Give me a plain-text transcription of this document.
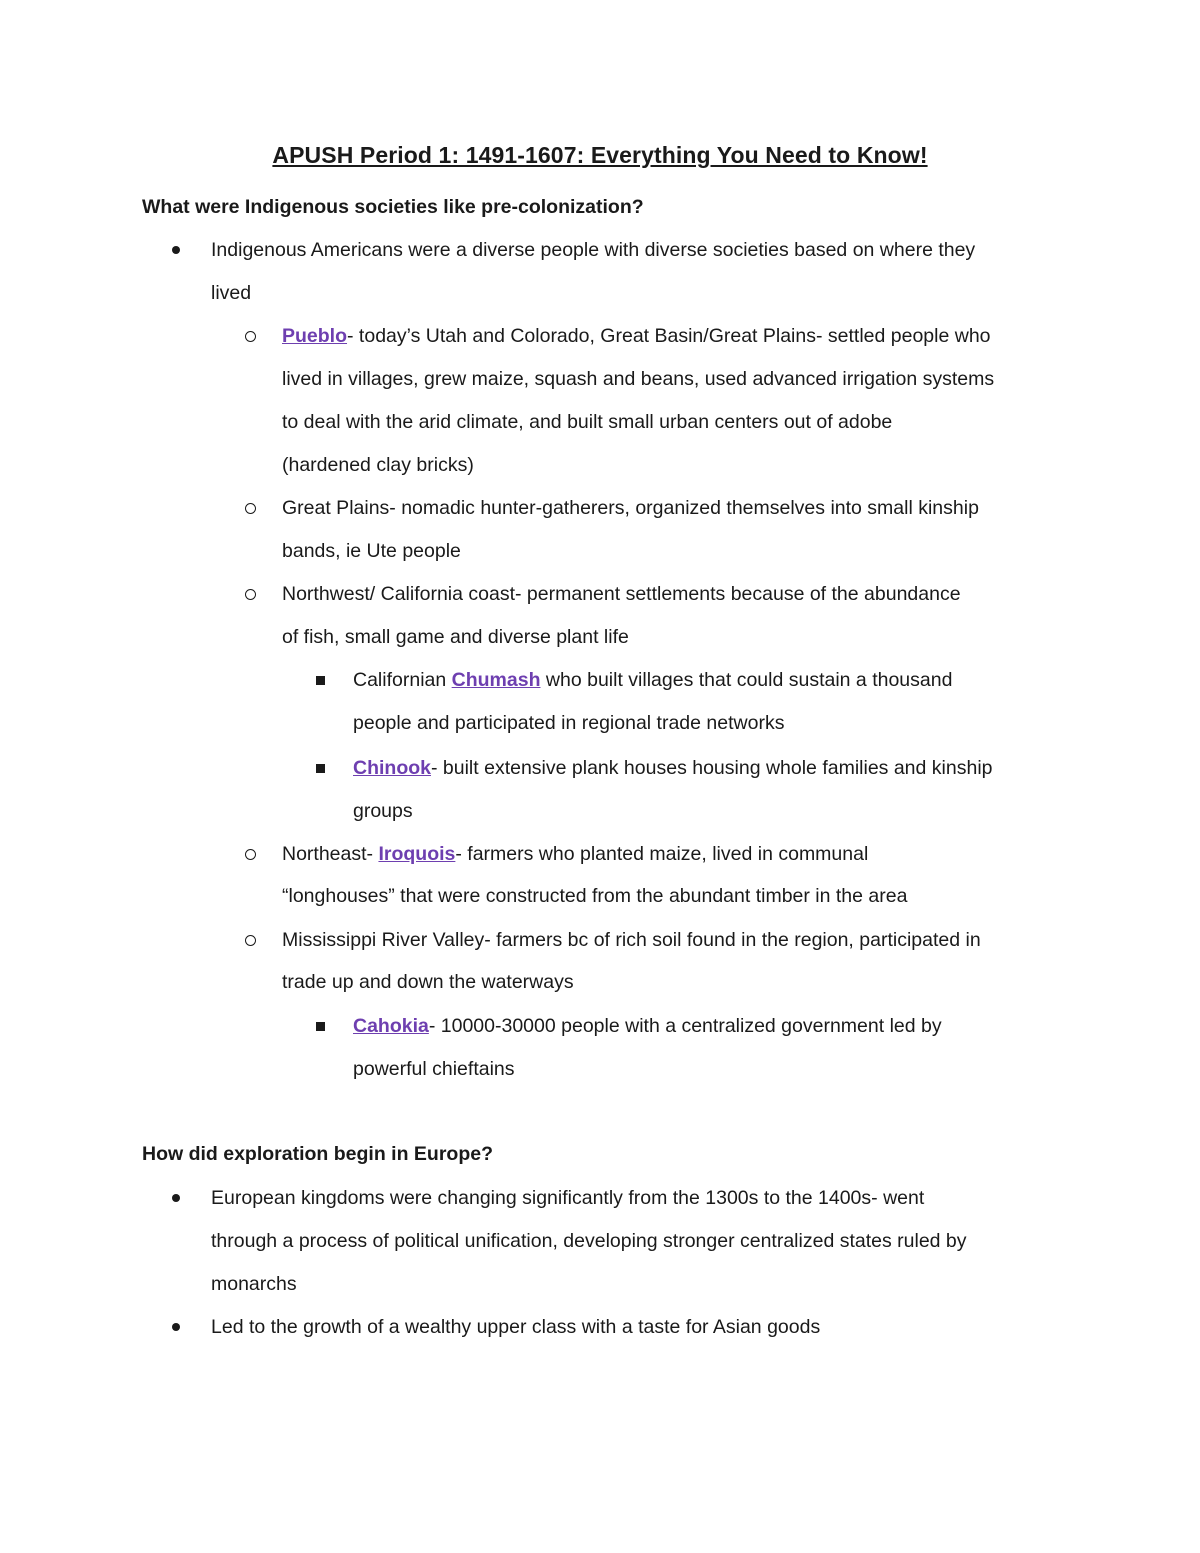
APUSH Period 1: 1491-1607: Everything You Need to Know!
What were Indigenous societies like pre-colonization?
Indigenous Americans were a diverse people with diverse societies based on where they
lived
Pueblo- today’s Utah and Colorado, Great Basin/Great Plains- settled people who
lived in villages, grew maize, squash and beans, used advanced irrigation systems
to deal with the arid climate, and built small urban centers out of adobe
(hardened clay bricks)
Great Plains- nomadic hunter-gatherers, organized themselves into small kinship
bands, ie Ute people
Northwest/ California coast- permanent settlements because of the abundance
of fish, small game and diverse plant life
Californian Chumash who built villages that could sustain a thousand
people and participated in regional trade networks
Chinook- built extensive plank houses housing whole families and kinship
groups
Northeast- Iroquois- farmers who planted maize, lived in communal
“longhouses” that were constructed from the abundant timber in the area
Mississippi River Valley- farmers bc of rich soil found in the region, participated in
trade up and down the waterways
Cahokia- 10000-30000 people with a centralized government led by
powerful chieftains
How did exploration begin in Europe?
European kingdoms were changing significantly from the 1300s to the 1400s- went
through a process of political unification, developing stronger centralized states ruled by
monarchs
Led to the growth of a wealthy upper class with a taste for Asian goods
